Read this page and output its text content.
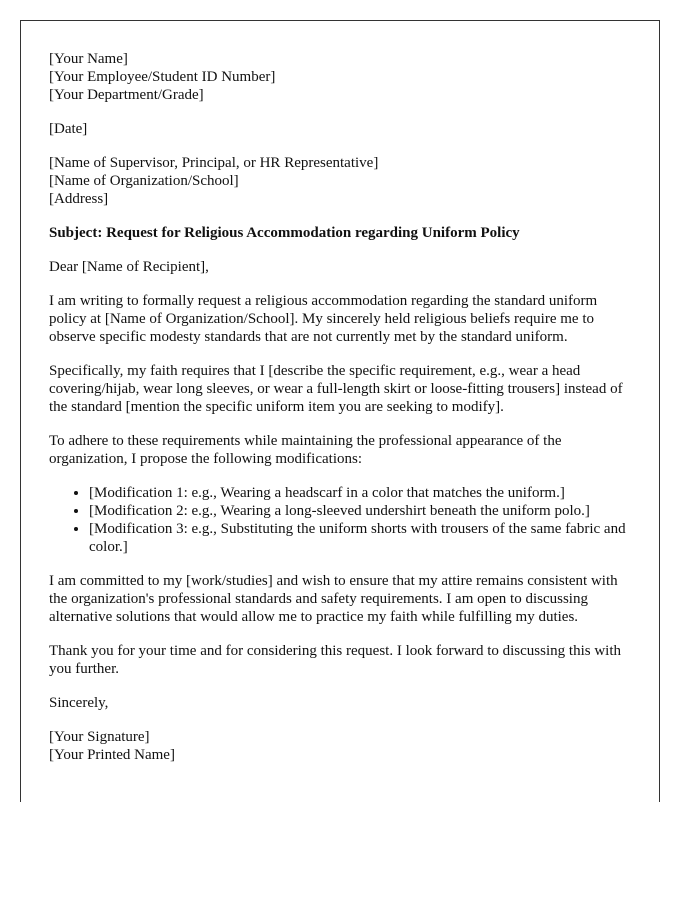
[Your Name]
[Your Employee/Student ID Number]
[Your Department/Grade]
[Date]
[Name of Supervisor, Principal, or HR Representative]
[Name of Organization/School]
[Address]

Subject: Request for Religious Accommodation regarding Uniform Policy

Dear [Name of Recipient],

I am writing to formally request a religious accommodation regarding the standard uniform policy at [Name of Organization/School]. My sincerely held religious beliefs require me to observe specific modesty standards that are not currently met by the standard uniform.

Specifically, my faith requires that I [describe the specific requirement, e.g., wear a head covering/hijab, wear long sleeves, or wear a full-length skirt or loose-fitting trousers] instead of the standard [mention the specific uniform item you are seeking to modify].

To adhere to these requirements while maintaining the professional appearance of the organization, I propose the following modifications:

• [Modification 1: e.g., Wearing a headscarf in a color that matches the uniform.]
• [Modification 2: e.g., Wearing a long-sleeved undershirt beneath the uniform polo.]
• [Modification 3: e.g., Substituting the uniform shorts with trousers of the same fabric and color.]

I am committed to my [work/studies] and wish to ensure that my attire remains consistent with the organization's professional standards and safety requirements. I am open to discussing alternative solutions that would allow me to practice my faith while fulfilling my duties.

Thank you for your time and for considering this request. I look forward to discussing this with you further.

Sincerely,

[Your Signature]
[Your Printed Name]
